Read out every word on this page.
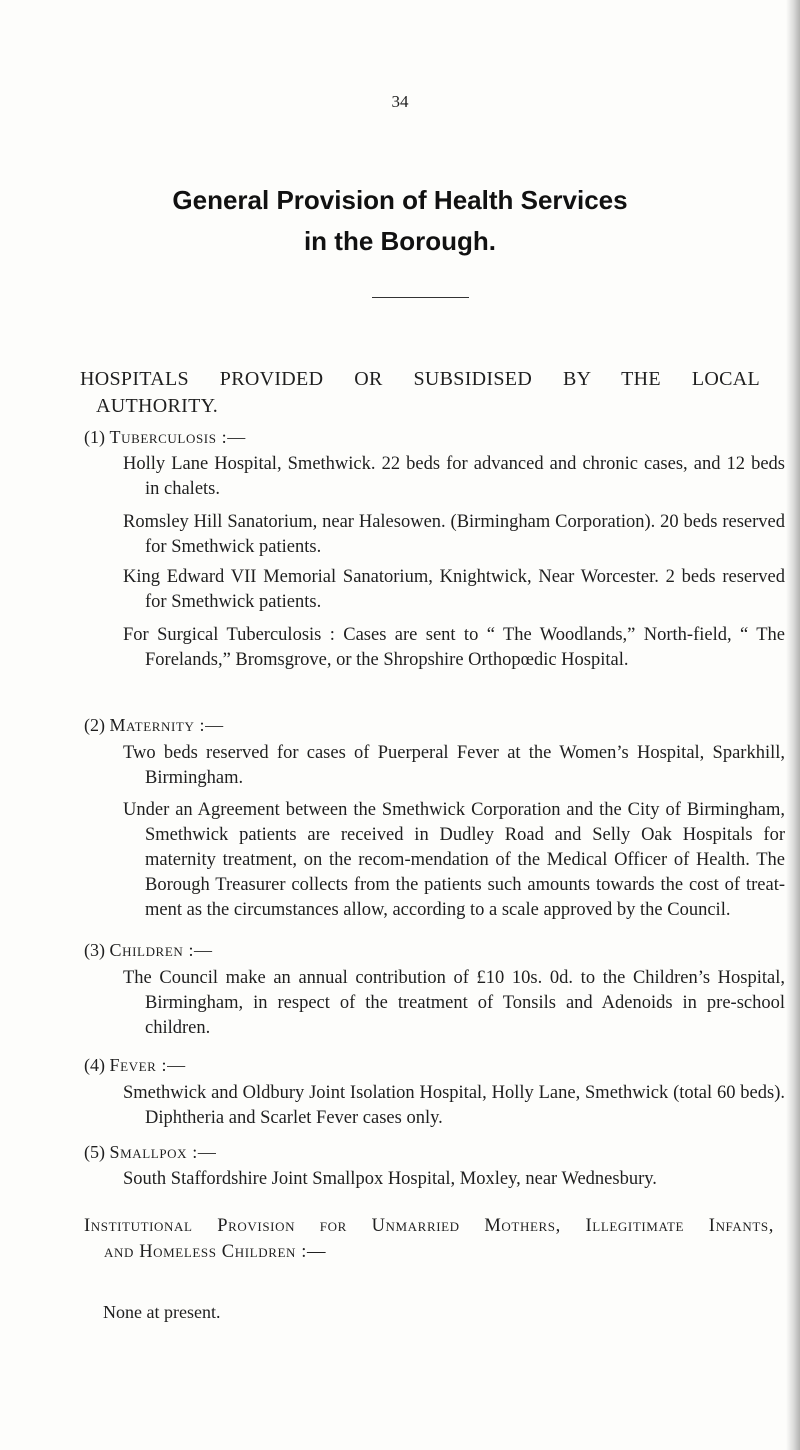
34
General Provision of Health Services
in the Borough.
HOSPITALS PROVIDED OR SUBSIDISED BY THE LOCAL
AUTHORITY.
(1) Tuberculosis :—
Holly Lane Hospital, Smethwick. 22 beds for advanced and chronic cases, and 12 beds in chalets.
Romsley Hill Sanatorium, near Halesowen. (Birmingham Corporation). 20 beds reserved for Smethwick patients.
King Edward VII Memorial Sanatorium, Knightwick, Near Worcester. 2 beds reserved for Smethwick patients.
For Surgical Tuberculosis : Cases are sent to “ The Woodlands,” North-field, “ The Forelands,” Bromsgrove, or the Shropshire Orthopœdic Hospital.
(2) Maternity :—
Two beds reserved for cases of Puerperal Fever at the Women’s Hospital, Sparkhill, Birmingham.
Under an Agreement between the Smethwick Corporation and the City of Birmingham, Smethwick patients are received in Dudley Road and Selly Oak Hospitals for maternity treatment, on the recom-mendation of the Medical Officer of Health. The Borough Treasurer collects from the patients such amounts towards the cost of treat-ment as the circumstances allow, according to a scale approved by the Council.
(3) Children :—
The Council make an annual contribution of £10 10s. 0d. to the Children’s Hospital, Birmingham, in respect of the treatment of Tonsils and Adenoids in pre-school children.
(4) Fever :—
Smethwick and Oldbury Joint Isolation Hospital, Holly Lane, Smethwick (total 60 beds). Diphtheria and Scarlet Fever cases only.
(5) Smallpox :—
South Staffordshire Joint Smallpox Hospital, Moxley, near Wednesbury.
Institutional Provision for Unmarried Mothers, Illegitimate Infants,
and Homeless Children :—
None at present.
